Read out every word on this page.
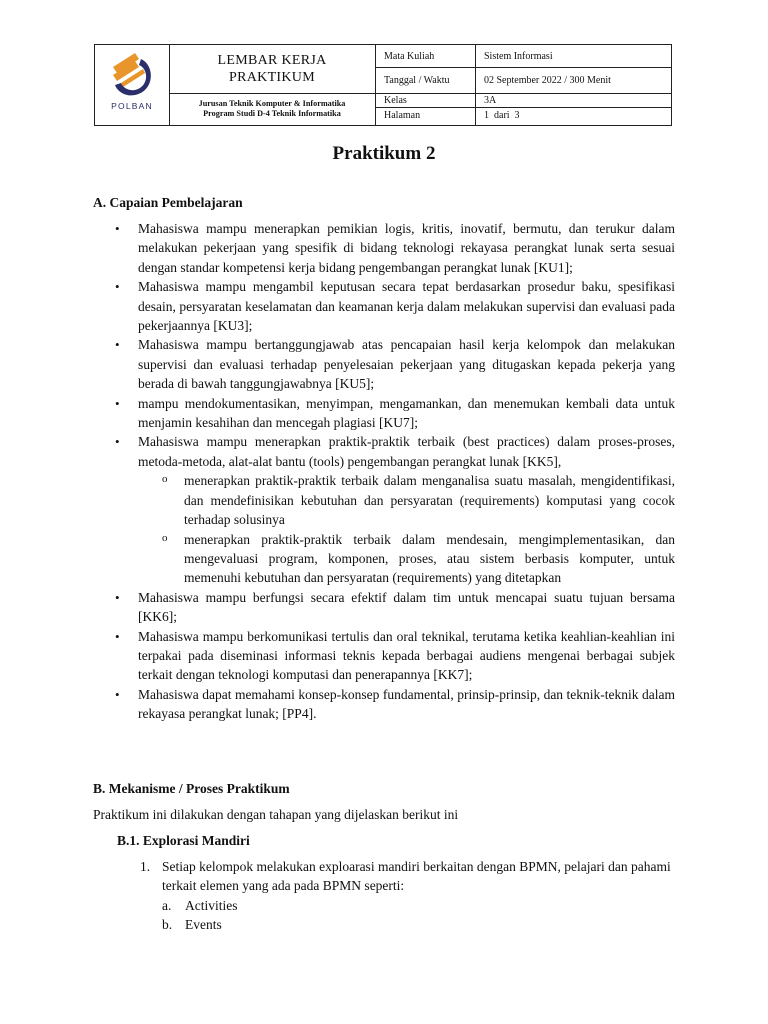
POLBAN
LEMBAR KERJA
PRAKTIKUM
Jurusan Teknik Komputer & Informatika
Program Studi D-4 Teknik Informatika
Mata Kuliah	Sistem Informasi
Tanggal / Waktu	02 September 2022 / 300 Menit
Kelas	3A
Halaman	1  dari  3
Praktikum 2
A. Capaian Pembelajaran
• Mahasiswa mampu menerapkan pemikian logis, kritis, inovatif, bermutu, dan terukur dalam melakukan pekerjaan yang spesifik di bidang teknologi rekayasa perangkat lunak serta sesuai dengan standar kompetensi kerja bidang pengembangan perangkat lunak [KU1];
• Mahasiswa mampu mengambil keputusan secara tepat berdasarkan prosedur baku, spesifikasi desain, persyaratan keselamatan dan keamanan kerja dalam melakukan supervisi dan evaluasi pada pekerjaannya [KU3];
• Mahasiswa mampu bertanggungjawab atas pencapaian hasil kerja kelompok dan melakukan supervisi dan evaluasi terhadap penyelesaian pekerjaan yang ditugaskan kepada pekerja yang berada di bawah tanggungjawabnya [KU5];
• mampu mendokumentasikan, menyimpan, mengamankan, dan menemukan kembali data untuk menjamin kesahihan dan mencegah plagiasi [KU7];
• Mahasiswa mampu menerapkan praktik-praktik terbaik (best practices) dalam proses-proses, metoda-metoda, alat-alat bantu (tools) pengembangan perangkat lunak [KK5],
o menerapkan praktik-praktik terbaik dalam menganalisa suatu masalah, mengidentifikasi, dan mendefinisikan kebutuhan dan persyaratan (requirements) komputasi yang cocok terhadap solusinya
o menerapkan praktik-praktik terbaik dalam mendesain, mengimplementasikan, dan mengevaluasi program, komponen, proses, atau sistem berbasis komputer, untuk memenuhi kebutuhan dan persyaratan (requirements) yang ditetapkan
• Mahasiswa mampu berfungsi secara efektif dalam tim untuk mencapai suatu tujuan bersama [KK6];
• Mahasiswa mampu berkomunikasi tertulis dan oral teknikal, terutama ketika keahlian-keahlian ini terpakai pada diseminasi informasi teknis kepada berbagai audiens mengenai berbagai subjek terkait dengan teknologi komputasi dan penerapannya [KK7];
• Mahasiswa dapat memahami konsep-konsep fundamental, prinsip-prinsip, dan teknik-teknik dalam rekayasa perangkat lunak; [PP4].
B. Mekanisme / Proses Praktikum
Praktikum ini dilakukan dengan tahapan yang dijelaskan berikut ini
B.1. Explorasi Mandiri
1. Setiap kelompok melakukan exploarasi mandiri berkaitan dengan BPMN, pelajari dan pahami terkait elemen yang ada pada BPMN seperti:
a. Activities
b. Events
